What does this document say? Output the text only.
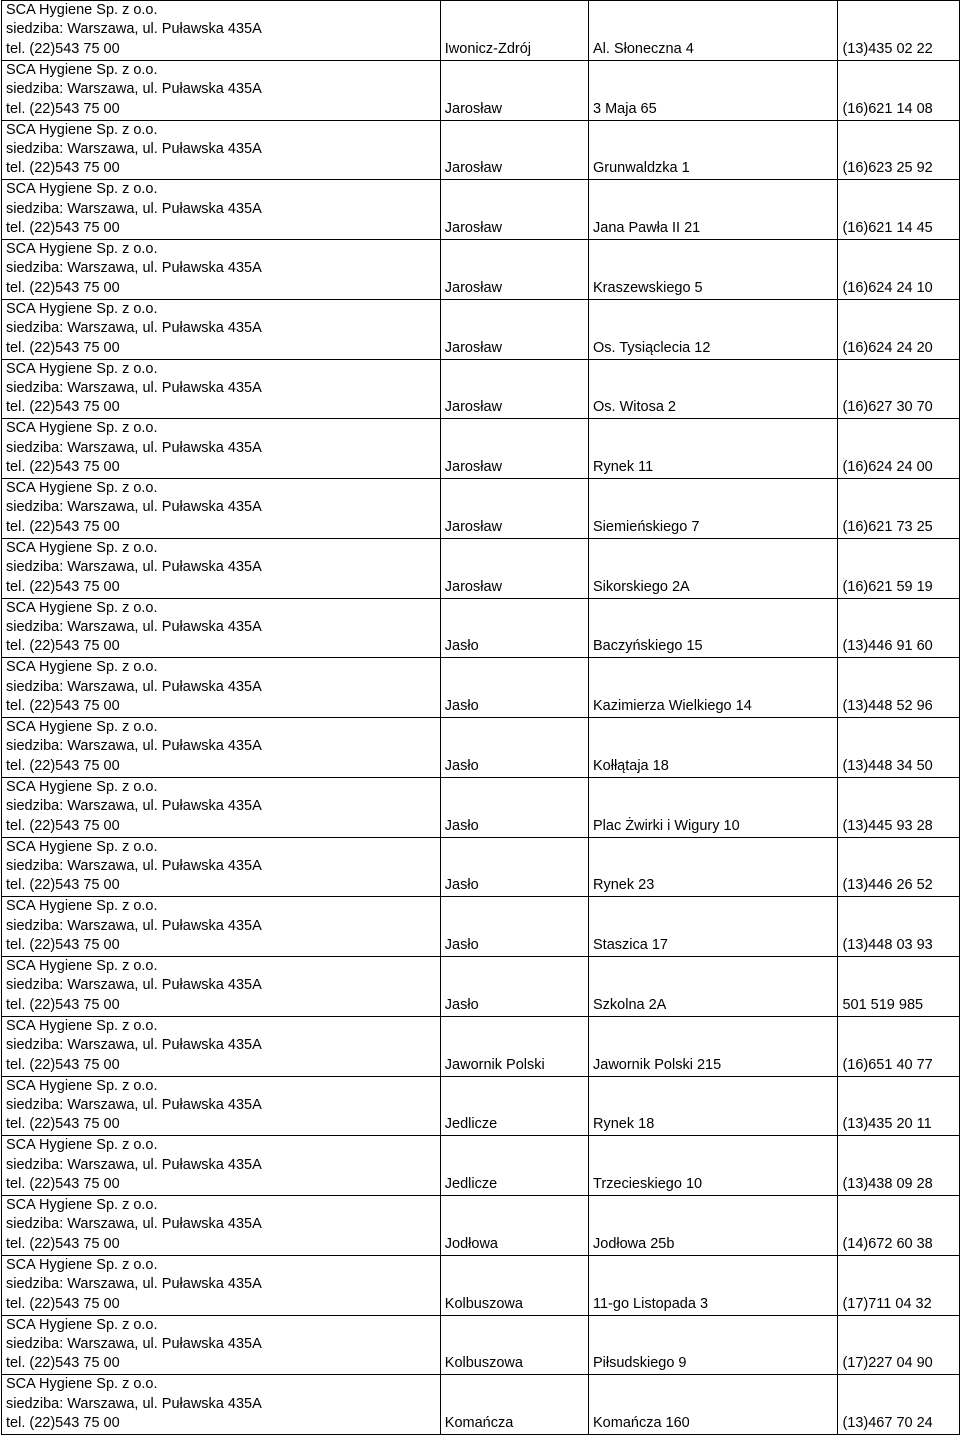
SCA Hygiene Sp. z o.o.
siedziba: Warszawa, ul. Puławska 435A
tel. (22)543 75 00	Iwonicz-Zdrój	Al. Słoneczna 4	(13)435 02 22

SCA Hygiene Sp. z o.o.
siedziba: Warszawa, ul. Puławska 435A
tel. (22)543 75 00	Jarosław	3 Maja 65	(16)621 14 08

SCA Hygiene Sp. z o.o.
siedziba: Warszawa, ul. Puławska 435A
tel. (22)543 75 00	Jarosław	Grunwaldzka 1	(16)623 25 92

SCA Hygiene Sp. z o.o.
siedziba: Warszawa, ul. Puławska 435A
tel. (22)543 75 00	Jarosław	Jana Pawła II 21	(16)621 14 45

SCA Hygiene Sp. z o.o.
siedziba: Warszawa, ul. Puławska 435A
tel. (22)543 75 00	Jarosław	Kraszewskiego 5	(16)624 24 10

SCA Hygiene Sp. z o.o.
siedziba: Warszawa, ul. Puławska 435A
tel. (22)543 75 00	Jarosław	Os. Tysiąclecia 12	(16)624 24 20

SCA Hygiene Sp. z o.o.
siedziba: Warszawa, ul. Puławska 435A
tel. (22)543 75 00	Jarosław	Os. Witosa 2	(16)627 30 70

SCA Hygiene Sp. z o.o.
siedziba: Warszawa, ul. Puławska 435A
tel. (22)543 75 00	Jarosław	Rynek 11	(16)624 24 00

SCA Hygiene Sp. z o.o.
siedziba: Warszawa, ul. Puławska 435A
tel. (22)543 75 00	Jarosław	Siemieńskiego 7	(16)621 73 25

SCA Hygiene Sp. z o.o.
siedziba: Warszawa, ul. Puławska 435A
tel. (22)543 75 00	Jarosław	Sikorskiego 2A	(16)621 59 19

SCA Hygiene Sp. z o.o.
siedziba: Warszawa, ul. Puławska 435A
tel. (22)543 75 00	Jasło	Baczyńskiego 15	(13)446 91 60

SCA Hygiene Sp. z o.o.
siedziba: Warszawa, ul. Puławska 435A
tel. (22)543 75 00	Jasło	Kazimierza Wielkiego 14	(13)448 52 96

SCA Hygiene Sp. z o.o.
siedziba: Warszawa, ul. Puławska 435A
tel. (22)543 75 00	Jasło	Kołłątaja 18	(13)448 34 50

SCA Hygiene Sp. z o.o.
siedziba: Warszawa, ul. Puławska 435A
tel. (22)543 75 00	Jasło	Plac Żwirki i Wigury 10	(13)445 93 28

SCA Hygiene Sp. z o.o.
siedziba: Warszawa, ul. Puławska 435A
tel. (22)543 75 00	Jasło	Rynek 23	(13)446 26 52

SCA Hygiene Sp. z o.o.
siedziba: Warszawa, ul. Puławska 435A
tel. (22)543 75 00	Jasło	Staszica 17	(13)448 03 93

SCA Hygiene Sp. z o.o.
siedziba: Warszawa, ul. Puławska 435A
tel. (22)543 75 00	Jasło	Szkolna 2A	501 519 985

SCA Hygiene Sp. z o.o.
siedziba: Warszawa, ul. Puławska 435A
tel. (22)543 75 00	Jawornik Polski	Jawornik Polski 215	(16)651 40 77

SCA Hygiene Sp. z o.o.
siedziba: Warszawa, ul. Puławska 435A
tel. (22)543 75 00	Jedlicze	Rynek 18	(13)435 20 11

SCA Hygiene Sp. z o.o.
siedziba: Warszawa, ul. Puławska 435A
tel. (22)543 75 00	Jedlicze	Trzecieskiego 10	(13)438 09 28

SCA Hygiene Sp. z o.o.
siedziba: Warszawa, ul. Puławska 435A
tel. (22)543 75 00	Jodłowa	Jodłowa 25b	(14)672 60 38

SCA Hygiene Sp. z o.o.
siedziba: Warszawa, ul. Puławska 435A
tel. (22)543 75 00	Kolbuszowa	11-go Listopada 3	(17)711 04 32

SCA Hygiene Sp. z o.o.
siedziba: Warszawa, ul. Puławska 435A
tel. (22)543 75 00	Kolbuszowa	Piłsudskiego 9	(17)227 04 90

SCA Hygiene Sp. z o.o.
siedziba: Warszawa, ul. Puławska 435A
tel. (22)543 75 00	Komańcza	Komańcza 160	(13)467 70 24
